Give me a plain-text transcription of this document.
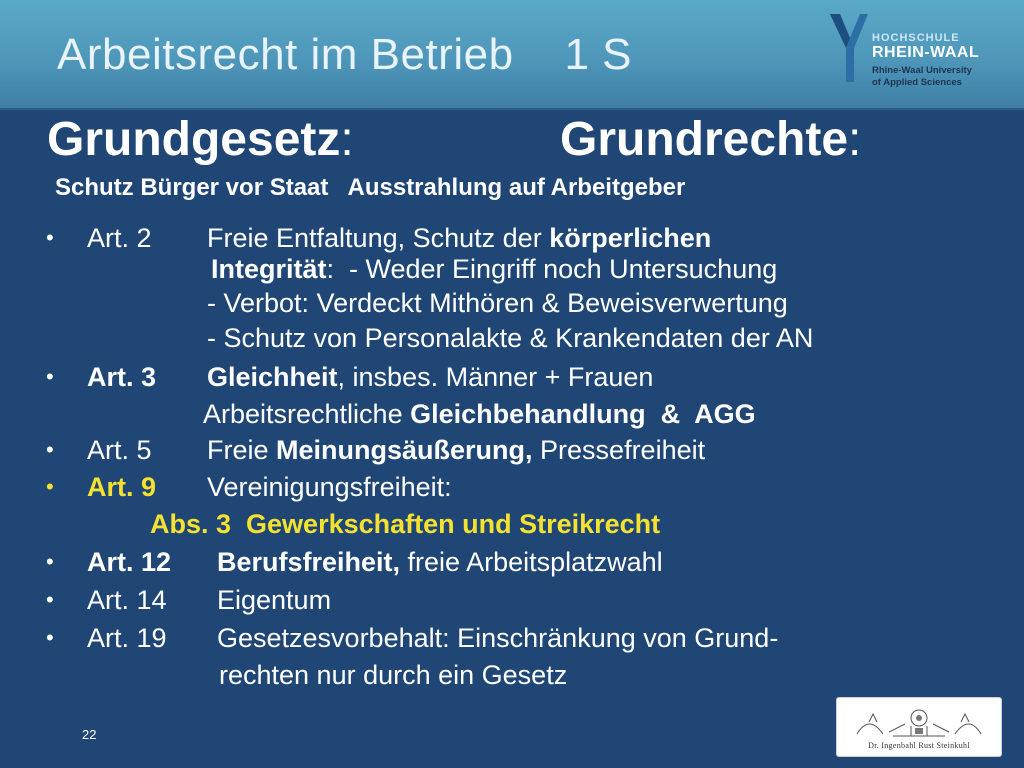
Arbeitsrecht im Betrieb    1 S	HOCHSCHULE
RHEIN-WAAL
Rhine-Waal University
of Applied Sciences
Grundgesetz:	Grundrechte:
Schutz Bürger vor Staat   Ausstrahlung auf Arbeitgeber
• Art. 2 Freie Entfaltung, Schutz der körperlichen
Integrität:  - Weder Eingriff noch Untersuchung
- Verbot: Verdeckt Mithören & Beweisverwertung
- Schutz von Personalakte & Krankendaten der AN
• Art. 3 Gleichheit, insbes. Männer + Frauen
Arbeitsrechtliche Gleichbehandlung  &  AGG
• Art. 5 Freie Meinungsäußerung, Pressefreiheit
• Art. 9 Vereinigungsfreiheit:
Abs. 3  Gewerkschaften und Streikrecht
• Art. 12 Berufsfreiheit, freie Arbeitsplatzwahl
• Art. 14 Eigentum
• Art. 19 Gesetzesvorbehalt: Einschränkung von Grund-
rechten nur durch ein Gesetz
22
Dr. Ingenbahl Rust Steinkuhl
